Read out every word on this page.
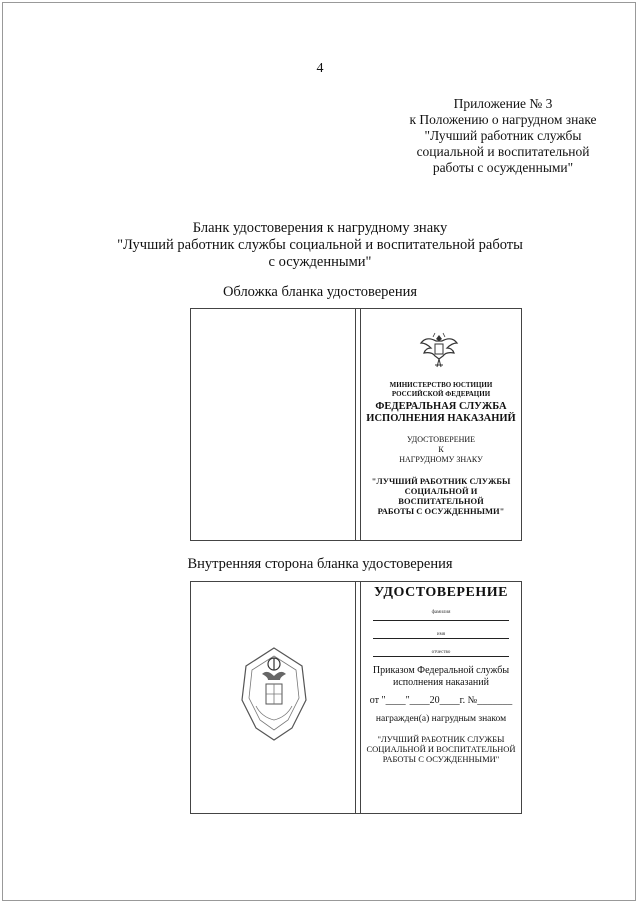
4
Приложение № 3
к Положению о нагрудном знаке
"Лучший работник службы
социальной и воспитательной
работы с осужденными"
Бланк удостоверения к нагрудному знаку
"Лучший работник службы социальной и воспитательной работы
с осужденными"
Обложка бланка удостоверения
МИНИСТЕРСТВО ЮСТИЦИИ
РОССИЙСКОЙ ФЕДЕРАЦИИ
ФЕДЕРАЛЬНАЯ СЛУЖБА
ИСПОЛНЕНИЯ НАКАЗАНИЙ
УДОСТОВЕРЕНИЕ
К
НАГРУДНОМУ ЗНАКУ
"ЛУЧШИЙ РАБОТНИК СЛУЖБЫ
СОЦИАЛЬНОЙ И ВОСПИТАТЕЛЬНОЙ
РАБОТЫ С ОСУЖДЕННЫМИ"
Внутренняя сторона бланка удостоверения
УДОСТОВЕРЕНИЕ
фамилия
имя
отчество
Приказом Федеральной службы
исполнения наказаний
от "____"____20____г. №_______
награжден(а) нагрудным знаком
"ЛУЧШИЙ РАБОТНИК СЛУЖБЫ
СОЦИАЛЬНОЙ И ВОСПИТАТЕЛЬНОЙ
РАБОТЫ С ОСУЖДЕННЫМИ"
